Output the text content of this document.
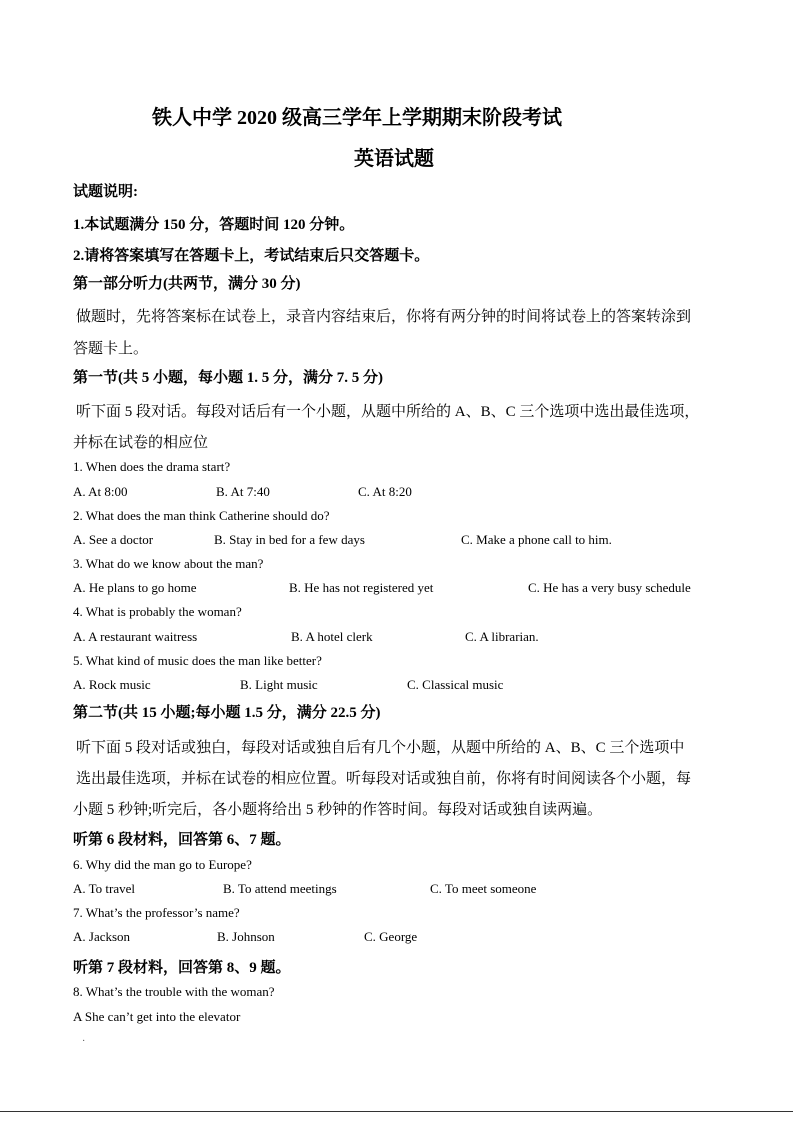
铁人中学 2020 级高三学年上学期期末阶段考试
英语试题
试题说明:
1.本试题满分 150 分，答题时间 120 分钟。
2.请将答案填写在答题卡上，考试结束后只交答题卡。
第一部分听力(共两节，满分 30 分)
做题时，先将答案标在试卷上，录音内容结束后，你将有两分钟的时间将试卷上的答案转涂到
答题卡上。
第一节(共 5 小题，每小题 1. 5 分，满分 7. 5 分)
听下面 5 段对话。每段对话后有一个小题，从题中所给的 A、B、C 三个选项中选出最佳选项，
并标在试卷的相应位
1. When does the drama start?
A. At 8:00	B. At 7:40	C. At 8:20
2. What does the man think Catherine should do?
A. See a doctor	B. Stay in bed for a few days	C. Make a phone call to him.
3. What do we know about the man?
A. He plans to go home	B. He has not registered yet	C. He has a very busy schedule
4. What is probably the woman?
A. A restaurant waitress	B. A hotel clerk	C. A librarian.
5. What kind of music does the man like better?
A. Rock music	B. Light music	C. Classical music
第二节(共 15 小题;每小题 1.5 分，满分 22.5 分)
听下面 5 段对话或独白，每段对话或独自后有几个小题，从题中所给的 A、B、C 三个选项中
选出最佳选项，并标在试卷的相应位置。听每段对话或独自前，你将有时间阅读各个小题，每
小题 5 秒钟;听完后，各小题将给出 5 秒钟的作答时间。每段对话或独自读两遍。
听第 6 段材料，回答第 6、7 题。
6. Why did the man go to Europe?
A. To travel	B. To attend meetings	C. To meet someone
7. What’s the professor’s name?
A. Jackson	B. Johnson	C. George
听第 7 段材料，回答第 8、9 题。
8. What’s the trouble with the woman?
A She can’t get into the elevator
·
